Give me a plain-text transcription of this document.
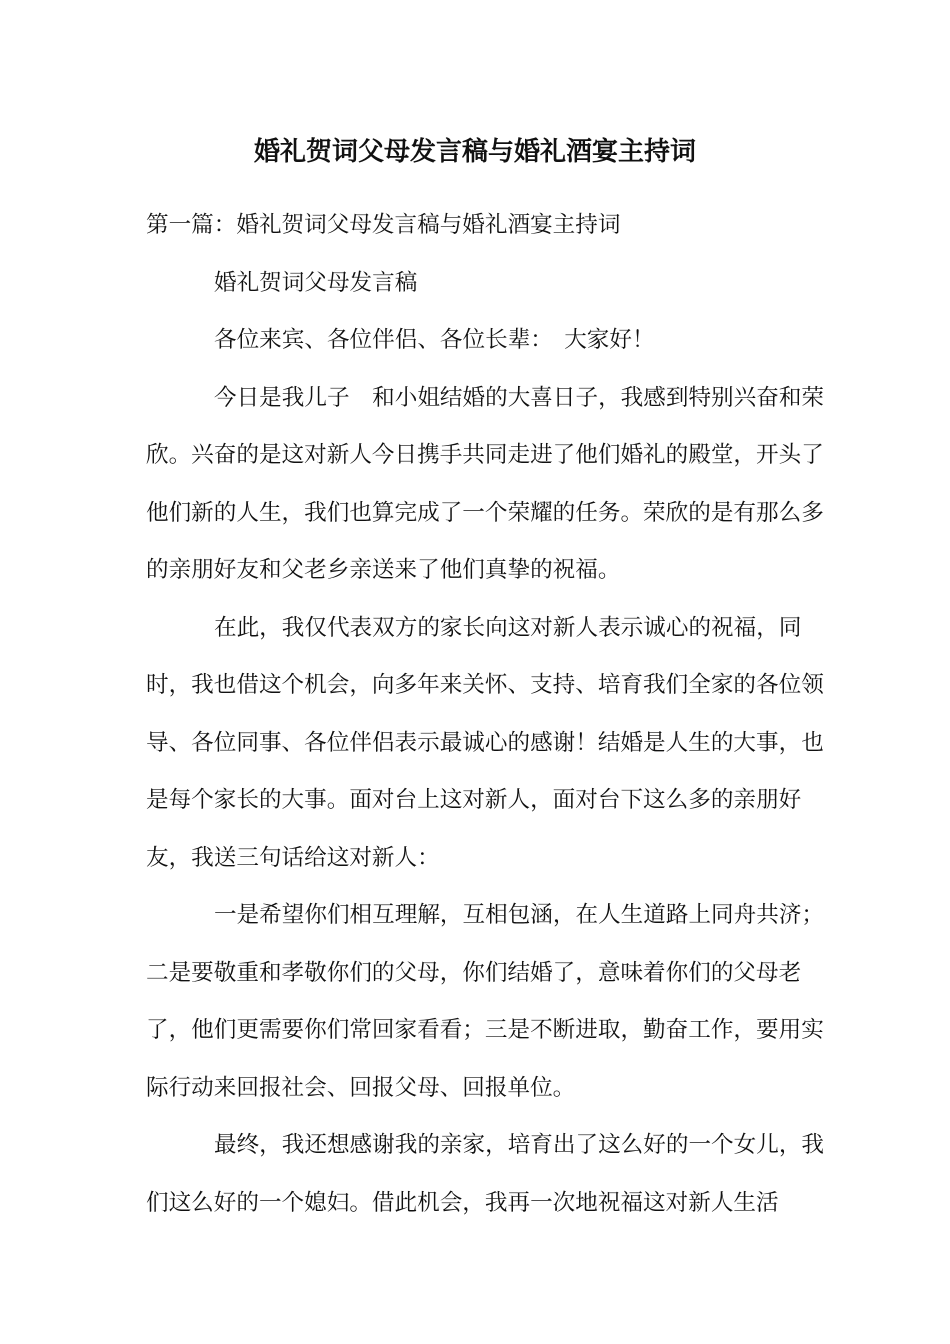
婚礼贺词父母发言稿与婚礼酒宴主持词

第一篇：婚礼贺词父母发言稿与婚礼酒宴主持词

婚礼贺词父母发言稿

各位来宾、各位伴侣、各位长辈：　大家好！

今日是我儿子　和小姐结婚的大喜日子，我感到特别兴奋和荣欣。兴奋的是这对新人今日携手共同走进了他们婚礼的殿堂，开头了他们新的人生，我们也算完成了一个荣耀的任务。荣欣的是有那么多的亲朋好友和父老乡亲送来了他们真挚的祝福。

在此，我仅代表双方的家长向这对新人表示诚心的祝福，同时，我也借这个机会，向多年来关怀、支持、培育我们全家的各位领导、各位同事、各位伴侣表示最诚心的感谢！结婚是人生的大事，也是每个家长的大事。面对台上这对新人，面对台下这么多的亲朋好友，我送三句话给这对新人：

一是希望你们相互理解，互相包涵，在人生道路上同舟共济；二是要敬重和孝敬你们的父母，你们结婚了，意味着你们的父母老了，他们更需要你们常回家看看；三是不断进取，勤奋工作，要用实际行动来回报社会、回报父母、回报单位。

最终，我还想感谢我的亲家，培育出了这么好的一个女儿，我们这么好的一个媳妇。借此机会，我再一次地祝福这对新人生活
